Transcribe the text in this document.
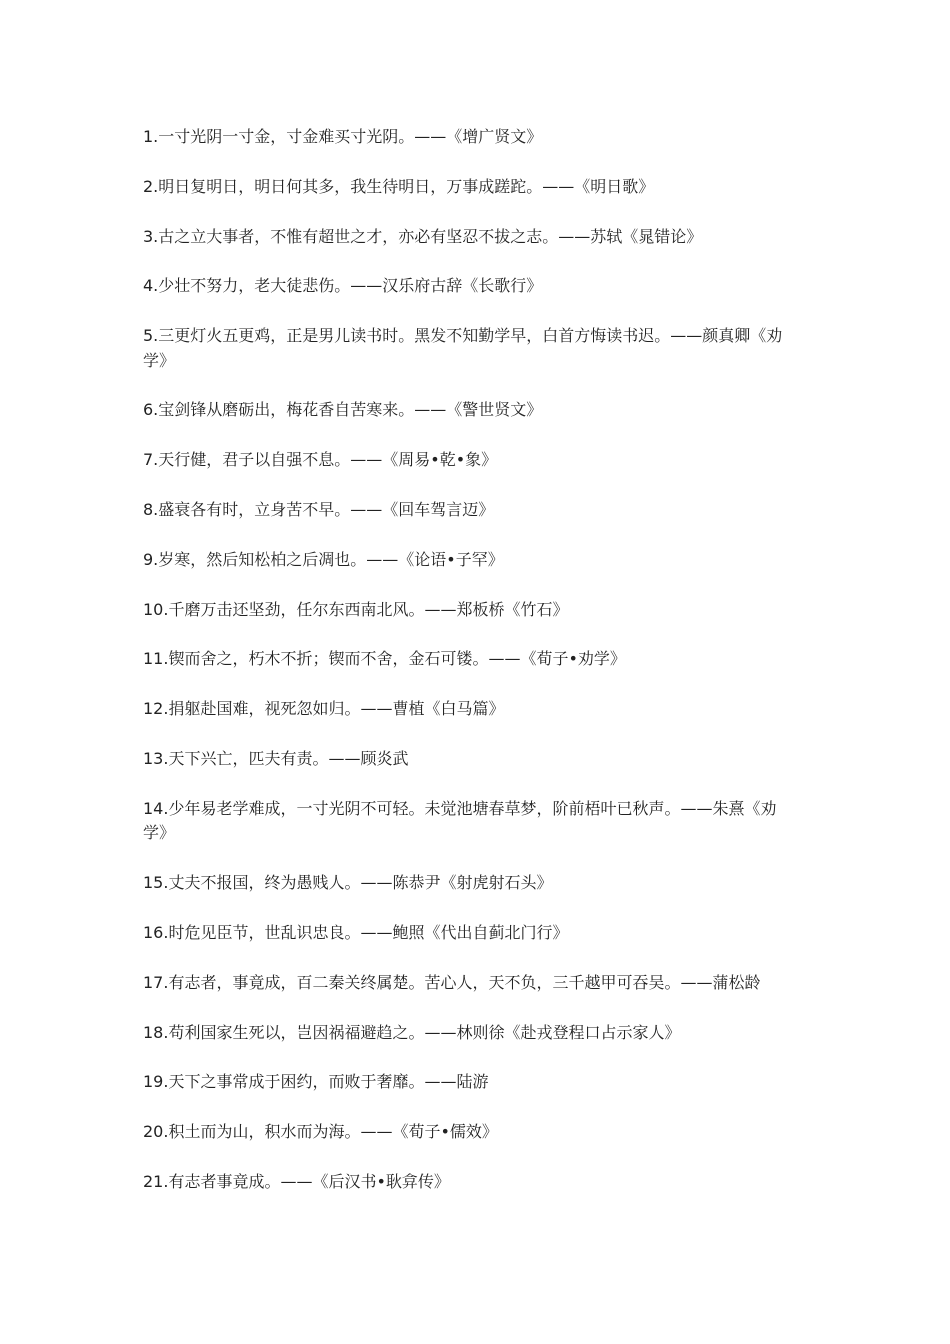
1.一寸光阴一寸金，寸金难买寸光阴。——《增广贤文》
2.明日复明日，明日何其多，我生待明日，万事成蹉跎。——《明日歌》
3.古之立大事者，不惟有超世之才，亦必有坚忍不拔之志。——苏轼《晁错论》
4.少壮不努力，老大徒悲伤。——汉乐府古辞《长歌行》
5.三更灯火五更鸡，正是男儿读书时。黑发不知勤学早，白首方悔读书迟。——颜真卿《劝学》
6.宝剑锋从磨砺出，梅花香自苦寒来。——《警世贤文》
7.天行健，君子以自强不息。——《周易•乾•象》
8.盛衰各有时，立身苦不早。——《回车驾言迈》
9.岁寒，然后知松柏之后凋也。——《论语•子罕》
10.千磨万击还坚劲，任尔东西南北风。——郑板桥《竹石》
11.锲而舍之，朽木不折；锲而不舍，金石可镂。——《荀子•劝学》
12.捐躯赴国难，视死忽如归。——曹植《白马篇》
13.天下兴亡，匹夫有责。——顾炎武
14.少年易老学难成，一寸光阴不可轻。未觉池塘春草梦，阶前梧叶已秋声。——朱熹《劝学》
15.丈夫不报国，终为愚贱人。——陈恭尹《射虎射石头》
16.时危见臣节，世乱识忠良。——鲍照《代出自蓟北门行》
17.有志者，事竟成，百二秦关终属楚。苦心人，天不负，三千越甲可吞吴。——蒲松龄
18.苟利国家生死以，岂因祸福避趋之。——林则徐《赴戎登程口占示家人》
19.天下之事常成于困约，而败于奢靡。——陆游
20.积土而为山，积水而为海。——《荀子•儒效》
21.有志者事竟成。——《后汉书•耿弇传》
